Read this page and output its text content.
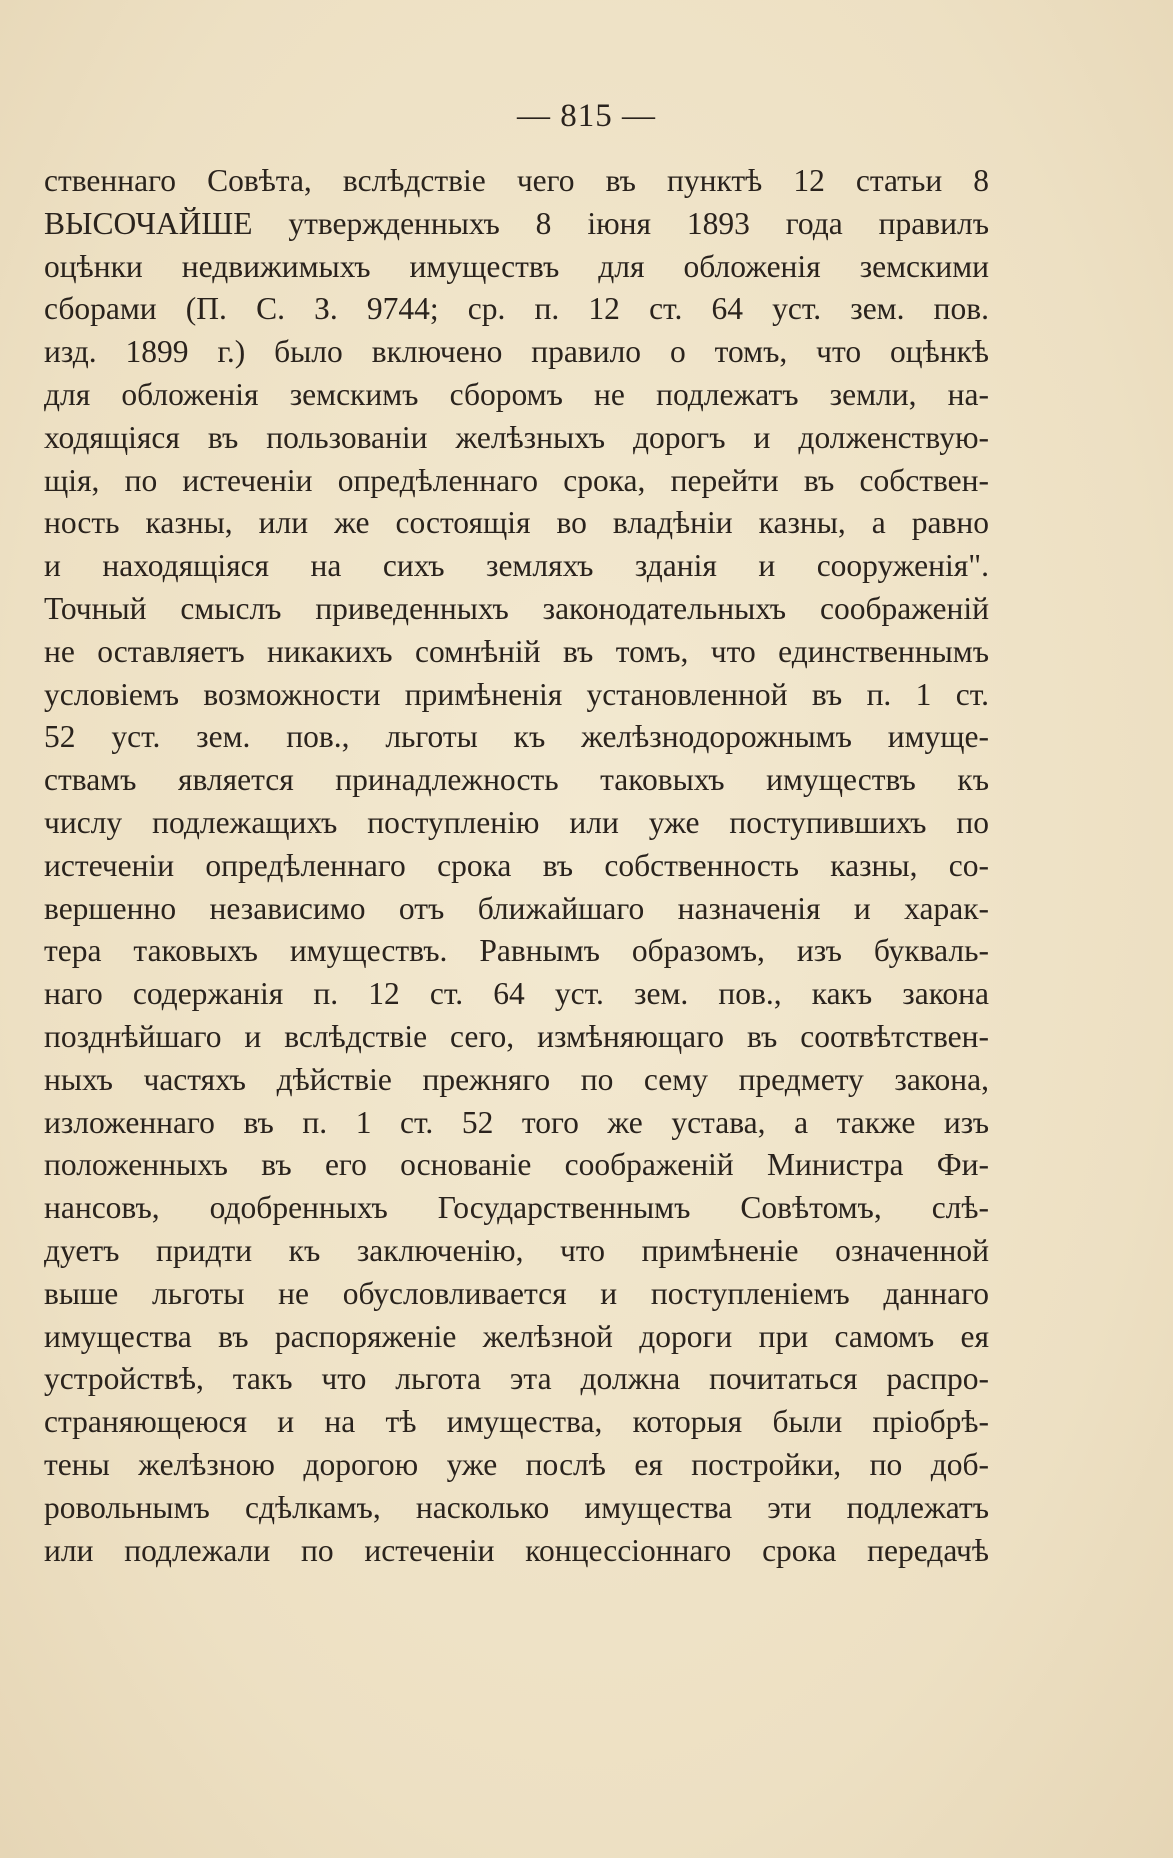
— 815 —
ственнаго Совѣта, вслѣдствіе чего въ пунктѣ 12 статьи 8
ВЫСОЧАЙШЕ утвержденныхъ 8 іюня 1893 года правилъ
оцѣнки недвижимыхъ имуществъ для обложенія земскими
сборами (П. С. З. 9744; ср. п. 12 ст. 64 уст. зем. пов.
изд. 1899 г.) было включено правило о томъ, что оцѣнкѣ
для обложенія земскимъ сборомъ не подлежатъ земли, на-
ходящіяся въ пользованіи желѣзныхъ дорогъ и долженствую-
щія, по истеченіи опредѣленнаго срока, перейти въ собствен-
ность казны, или же состоящія во владѣніи казны, а равно
и находящіяся на сихъ земляхъ зданія и сооруженія".
Точный смыслъ приведенныхъ законодательныхъ соображеній
не оставляетъ никакихъ сомнѣній въ томъ, что единственнымъ
условіемъ возможности примѣненія установленной въ п. 1 ст.
52 уст. зем. пов., льготы къ желѣзнодорожнымъ имуще-
ствамъ является принадлежность таковыхъ имуществъ къ
числу подлежащихъ поступленію или уже поступившихъ по
истеченіи опредѣленнаго срока въ собственность казны, со-
вершенно независимо отъ ближайшаго назначенія и харак-
тера таковыхъ имуществъ. Равнымъ образомъ, изъ букваль-
наго содержанія п. 12 ст. 64 уст. зем. пов., какъ закона
позднѣйшаго и вслѣдствіе сего, измѣняющаго въ соотвѣтствен-
ныхъ частяхъ дѣйствіе прежняго по сему предмету закона,
изложеннаго въ п. 1 ст. 52 того же устава, а также изъ
положенныхъ въ его основаніе соображеній Министра Фи-
нансовъ, одобренныхъ Государственнымъ Совѣтомъ, слѣ-
дуетъ придти къ заключенію, что примѣненіе означенной
выше льготы не обусловливается и поступленіемъ даннаго
имущества въ распоряженіе желѣзной дороги при самомъ ея
устройствѣ, такъ что льгота эта должна почитаться распро-
страняющеюся и на тѣ имущества, которыя были пріобрѣ-
тены желѣзною дорогою уже послѣ ея постройки, по доб-
ровольнымъ сдѣлкамъ, насколько имущества эти подлежатъ
или подлежали по истеченіи концессіоннаго срока передачѣ
